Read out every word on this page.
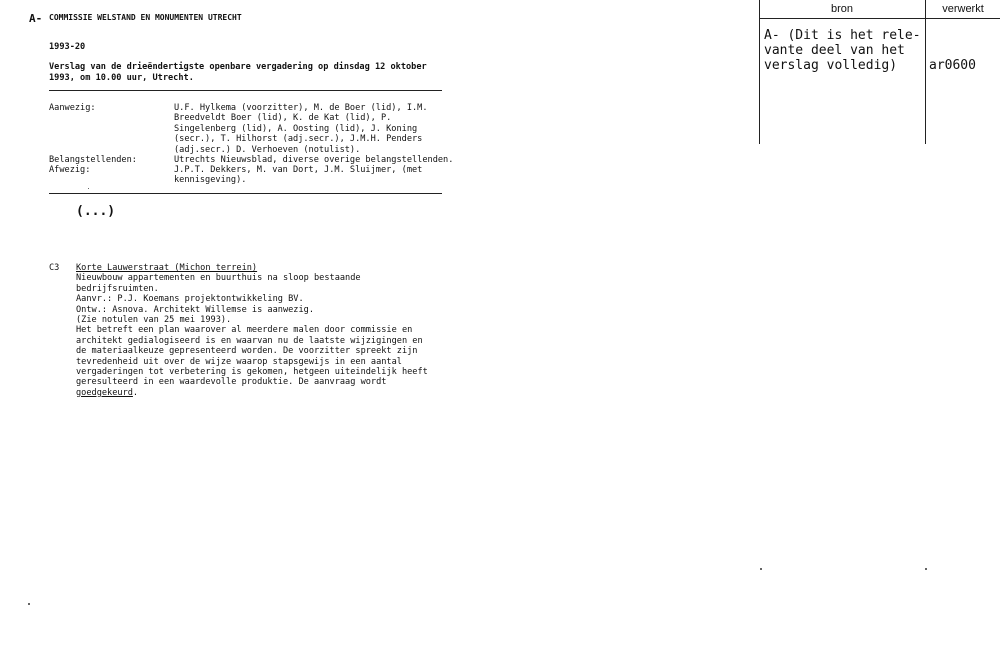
A- COMMISSIE WELSTAND EN MONUMENTEN UTRECHT
1993-20
Verslag van de drieëndertigste openbare vergadering op dinsdag 12 oktober
1993, om 10.00 uur, Utrecht.
Aanwezig:	U.F. Hylkema (voorzitter), M. de Boer (lid), I.M.
Breedveldt Boer (lid), K. de Kat (lid), P.
Singelenberg (lid), A. Oosting (lid), J. Koning
(secr.), T. Hilhorst (adj.secr.), J.M.H. Penders
(adj.secr.) D. Verhoeven (notulist).
Belangstellenden:	Utrechts Nieuwsblad, diverse overige belangstellenden.
Afwezig:	J.P.T. Dekkers, M. van Dort, J.M. Sluijmer, (met
kennisgeving).
(...)
C3 Korte Lauwerstraat (Michon terrein)
Nieuwbouw appartementen en buurthuis na sloop bestaande
bedrijfsruimten.
Aanvr.: P.J. Koemans projektontwikkeling BV.
Ontw.: Asnova. Architekt Willemse is aanwezig.
(Zie notulen van 25 mei 1993).
Het betreft een plan waarover al meerdere malen door commissie en
architekt gedialogiseerd is en waarvan nu de laatste wijzigingen en
de materiaalkeuze gepresenteerd worden. De voorzitter spreekt zijn
tevredenheid uit over de wijze waarop stapsgewijs in een aantal
vergaderingen tot verbetering is gekomen, hetgeen uiteindelijk heeft
geresulteerd in een waardevolle produktie. De aanvraag wordt
goedgekeurd.
bron	verwerkt
A- (Dit is het rele-
vante deel van het
verslag volledig)	ar0600
